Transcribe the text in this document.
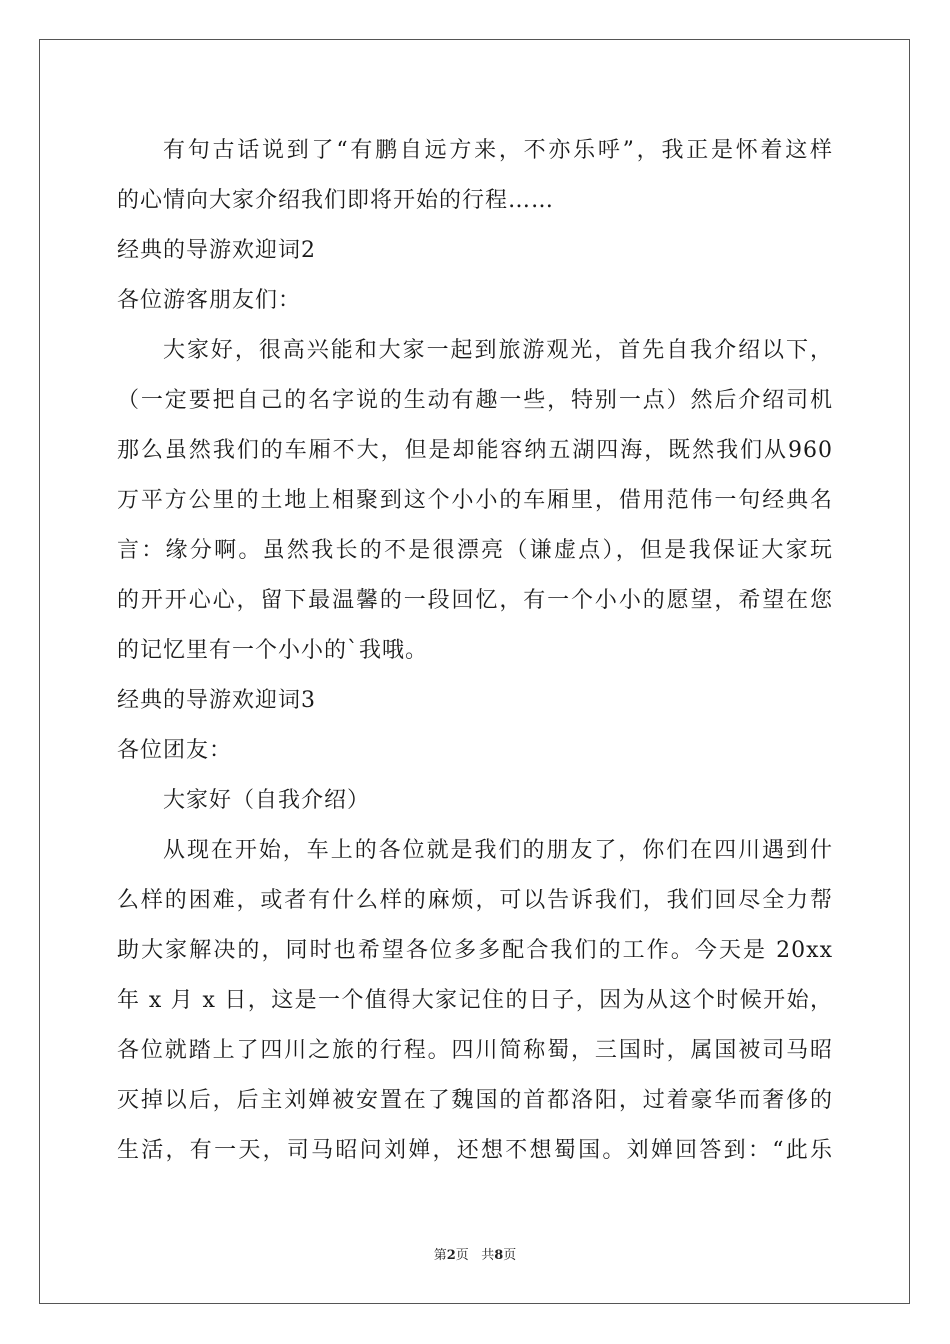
有句古话说到了“有鹏自远方来，不亦乐呼”，我正是怀着这样
的心情向大家介绍我们即将开始的行程……
经典的导游欢迎词2
各位游客朋友们：
大家好，很高兴能和大家一起到旅游观光，首先自我介绍以下，
（一定要把自己的名字说的生动有趣一些，特别一点）然后介绍司机
那么虽然我们的车厢不大，但是却能容纳五湖四海，既然我们从960
万平方公里的土地上相聚到这个小小的车厢里，借用范伟一句经典名
言：缘分啊。虽然我长的不是很漂亮（谦虚点），但是我保证大家玩
的开开心心，留下最温馨的一段回忆，有一个小小的愿望，希望在您
的记忆里有一个小小的`我哦。
经典的导游欢迎词3
各位团友：
大家好（自我介绍）
从现在开始，车上的各位就是我们的朋友了，你们在四川遇到什
么样的困难，或者有什么样的麻烦，可以告诉我们，我们回尽全力帮
助大家解决的，同时也希望各位多多配合我们的工作。今天是 20xx
年 x 月 x 日，这是一个值得大家记住的日子，因为从这个时候开始，
各位就踏上了四川之旅的行程。四川简称蜀，三国时，属国被司马昭
灭掉以后，后主刘婵被安置在了魏国的首都洛阳，过着豪华而奢侈的
生活，有一天，司马昭问刘婵，还想不想蜀国。刘婵回答到：“此乐
第2页   共8页
